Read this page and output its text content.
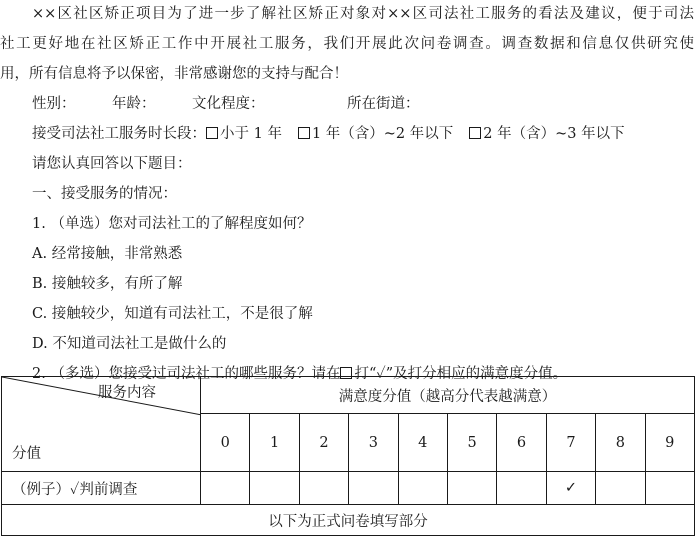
××区社区矫正项目为了进一步了解社区矫正对象对××区司法社工服务的看法及建议，便于司法
社工更好地在社区矫正工作中开展社工服务，我们开展此次问卷调查。调查数据和信息仅供研究使
用，所有信息将予以保密，非常感谢您的支持与配合！
性别：	年龄：	文化程度：	所在街道：
接受司法社工服务时长段： 小于 1 年 1 年（含）~2 年以下 2 年（含）~3 年以下
请您认真回答以下题目：
一、接受服务的情况：
1. （单选）您对司法社工的了解程度如何？
A. 经常接触，非常熟悉
B. 接触较多，有所了解
C. 接触较少，知道有司法社工，不是很了解
D. 不知道司法社工是做什么的
2. （多选）您接受过司法社工的哪些服务？请在 打“✓”及打分相应的满意度分值。
服务内容
分值	满意度分值（越高分代表越满意）									
	0	1	2	3	4	5	6	7	8	9
（例子）✓判前调查								✓		
以下为正式问卷填写部分										
